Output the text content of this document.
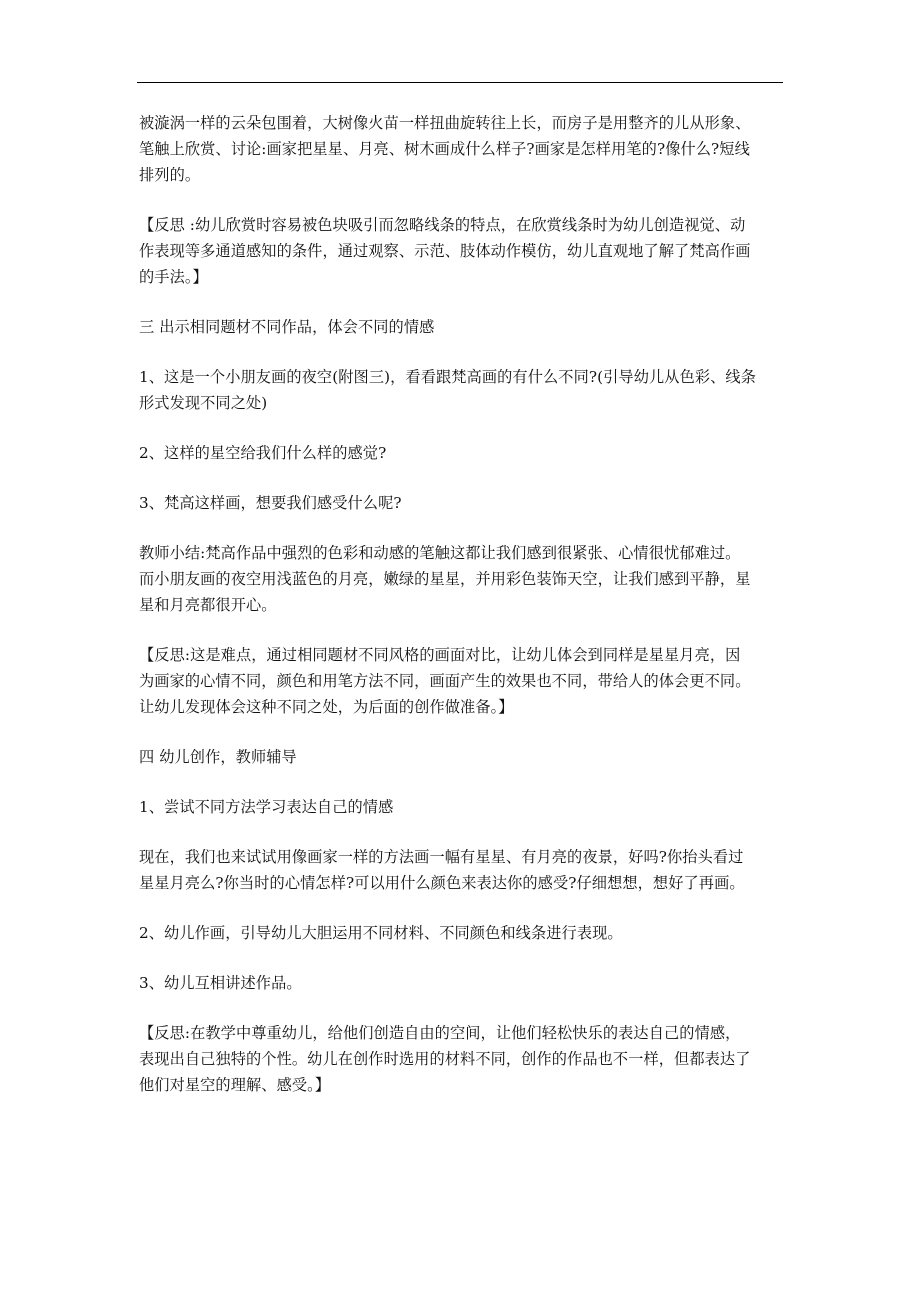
被漩涡一样的云朵包围着，大树像火苗一样扭曲旋转往上长，而房子是用整齐的儿从形象、
笔触上欣赏、讨论:画家把星星、月亮、树木画成什么样子?画家是怎样用笔的?像什么?短线
排列的。

【反思 :幼儿欣赏时容易被色块吸引而忽略线条的特点，在欣赏线条时为幼儿创造视觉、动
作表现等多通道感知的条件，通过观察、示范、肢体动作模仿，幼儿直观地了解了梵高作画
的手法。】

三 出示相同题材不同作品，体会不同的情感

1、这是一个小朋友画的夜空(附图三)，看看跟梵高画的有什么不同?(引导幼儿从色彩、线条
形式发现不同之处)

2、这样的星空给我们什么样的感觉?

3、梵高这样画，想要我们感受什么呢?

教师小结:梵高作品中强烈的色彩和动感的笔触这都让我们感到很紧张、心情很忧郁难过。
而小朋友画的夜空用浅蓝色的月亮，嫩绿的星星，并用彩色装饰天空，让我们感到平静，星
星和月亮都很开心。

【反思:这是难点，通过相同题材不同风格的画面对比，让幼儿体会到同样是星星月亮，因
为画家的心情不同，颜色和用笔方法不同，画面产生的效果也不同，带给人的体会更不同。
让幼儿发现体会这种不同之处，为后面的创作做准备。】

四 幼儿创作，教师辅导

1、尝试不同方法学习表达自己的情感

现在，我们也来试试用像画家一样的方法画一幅有星星、有月亮的夜景，好吗?你抬头看过
星星月亮么?你当时的心情怎样?可以用什么颜色来表达你的感受?仔细想想，想好了再画。

2、幼儿作画，引导幼儿大胆运用不同材料、不同颜色和线条进行表现。

3、幼儿互相讲述作品。

【反思:在教学中尊重幼儿，给他们创造自由的空间，让他们轻松快乐的表达自己的情感，
表现出自己独特的个性。幼儿在创作时选用的材料不同，创作的作品也不一样，但都表达了
他们对星空的理解、感受。】
